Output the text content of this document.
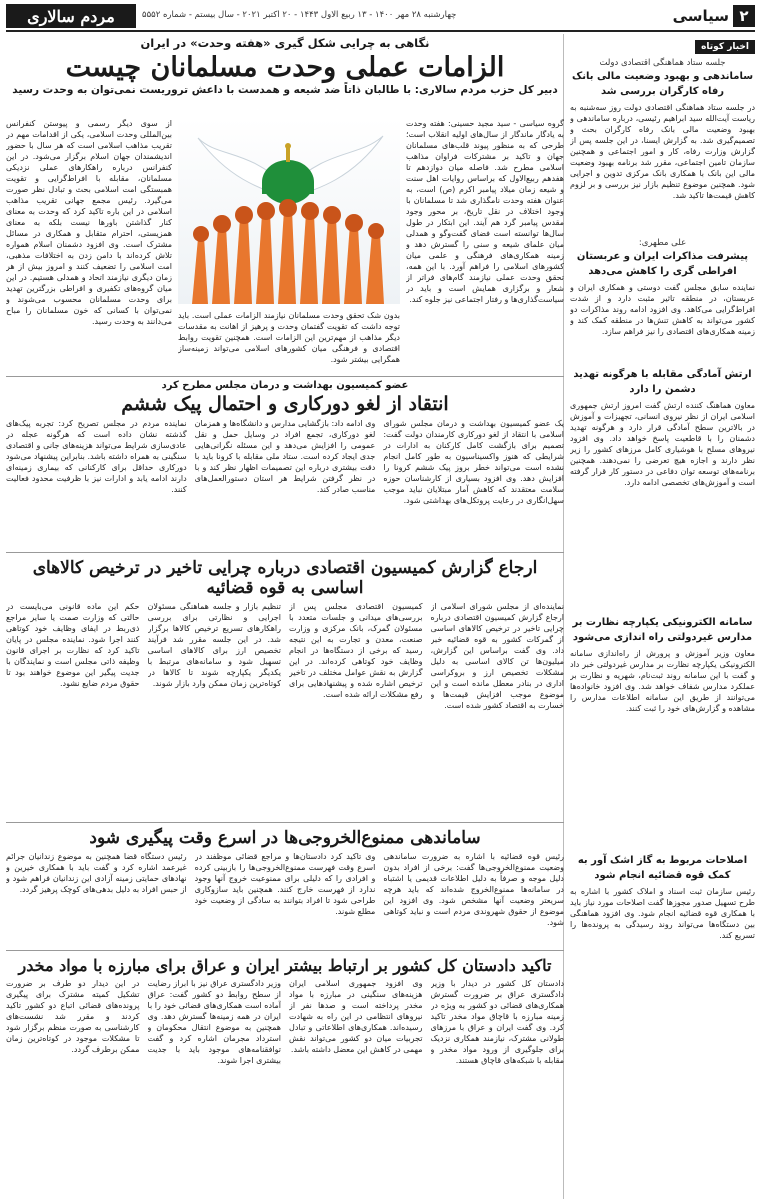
۲
سیاسی
چهارشنبه ۲۸ مهر ۱۴۰۰ - ۱۳ ربیع الاول ۱۴۴۳ - ۲۰ اکتبر ۲۰۲۱ - سال بیستم - شماره ۵۵۵۲
مردم سالاری
اخبار کوتاه
جلسه ستاد هماهنگی اقتصادی دولت
ساماندهی و بهبود وضعیت مالی بانک رفاه کارگران بررسی شد

در جلسه ستاد هماهنگی اقتصادی دولت روز سه‌شنبه به ریاست آیت‌الله سید ابراهیم رئیسی، درباره ساماندهی و بهبود وضعیت مالی بانک رفاه کارگران بحث و تصمیم‌گیری شد. به گزارش ایسنا، در این جلسه پس از گزارش وزارت رفاه، کار و امور اجتماعی و همچنین سازمان تامین اجتماعی، مقرر شد برنامه بهبود وضعیت مالی این بانک با همکاری بانک مرکزی تدوین و اجرایی شود. همچنین موضوع تنظیم بازار نیز بررسی و بر لزوم کاهش قیمت‌ها تاکید شد.

علی مطهری:
پیشرفت مذاکرات ایران و عربستان افراطی گری را کاهش می‌دهد

نماینده سابق مجلس گفت دوستی و همکاری ایران و عربستان، در منطقه تاثیر مثبت دارد و از شدت افراط‌گرایی می‌کاهد. وی افزود ادامه روند مذاکرات دو کشور می‌تواند به کاهش تنش‌ها در منطقه کمک کند و زمینه همکاری‌های اقتصادی را نیز فراهم سازد.

ارتش آمادگی مقابله با هرگونه تهدید دشمن را دارد

معاون هماهنگ کننده ارتش گفت امروز ارتش جمهوری اسلامی ایران از نظر نیروی انسانی، تجهیزات و آموزش در بالاترین سطح آمادگی قرار دارد و هرگونه تهدید دشمنان را با قاطعیت پاسخ خواهد داد. وی افزود نیروهای مسلح با هوشیاری کامل مرزهای کشور را زیر نظر دارند و اجازه هیچ تعرضی را نمی‌دهند. همچنین برنامه‌های توسعه توان دفاعی در دستور کار قرار گرفته است و آموزش‌های تخصصی ادامه دارد.

سامانه الکترونیکی یکپارچه نظارت بر مدارس غیردولتی راه اندازی می‌شود

معاون وزیر آموزش و پرورش از راه‌اندازی سامانه الکترونیکی یکپارچه نظارت بر مدارس غیردولتی خبر داد و گفت با این سامانه روند ثبت‌نام، شهریه و نظارت بر عملکرد مدارس شفاف خواهد شد. وی افزود خانواده‌ها می‌توانند از طریق این سامانه اطلاعات مدارس را مشاهده و گزارش‌های خود را ثبت کنند.

اصلاحات مربوط به گاز اشک آور به کمک قوه قضائیه انجام شود

رئیس سازمان ثبت اسناد و املاک کشور با اشاره به طرح تسهیل صدور مجوزها گفت اصلاحات مورد نیاز باید با همکاری قوه قضائیه انجام شود. وی افزود هماهنگی بین دستگاه‌ها می‌تواند روند رسیدگی به پرونده‌ها را تسریع کند.

نگاهی به چرایی شکل گیری «هفته وحدت» در ایران
الزامات عملی وحدت مسلمانان چیست
دبیر کل حزب مردم سالاری: با طالبان ذاتاً ضد شیعه و همدست با داعش تروریست نمی‌توان به وحدت رسید

گروه سیاسی - سید مجید حسینی: هفته وحدت به یادگار ماندگار از سال‌های اولیه انقلاب است؛ طرحی که به منظور پیوند قلب‌های مسلمانان جهان و تاکید بر مشترکات فراوان مذاهب اسلامی مطرح شد. فاصله میان دوازدهم تا هفدهم ربیع‌الاول که براساس روایات اهل سنت و شیعه زمان میلاد پیامبر اکرم (ص) است، به عنوان هفته وحدت نامگذاری شد تا مسلمانان با وجود اختلاف در نقل تاریخ، بر محور وجود مقدس پیامبر گرد هم آیند. این ابتکار در طول سال‌ها توانسته است فضای گفت‌وگو و همدلی میان علمای شیعه و سنی را گسترش دهد و زمینه همکاری‌های فرهنگی و علمی میان کشورهای اسلامی را فراهم آورد. با این همه، تحقق وحدت عملی نیازمند گام‌های فراتر از شعار و برگزاری همایش است و باید در سیاست‌گذاری‌ها و رفتار اجتماعی نیز جلوه کند.

بدون شک تحقق وحدت مسلمانان نیازمند الزامات عملی است. باید توجه داشت که تقویت گفتمان وحدت و پرهیز از اهانت به مقدسات دیگر مذاهب از مهم‌ترین این الزامات است. همچنین تقویت روابط اقتصادی و فرهنگی میان کشورهای اسلامی می‌تواند زمینه‌ساز همگرایی بیشتر شود.

از سوی دیگر رسمی و پیوستن کنفرانس بین‌المللی وحدت اسلامی، یکی از اقدامات مهم در تقریب مذاهب اسلامی است که هر سال با حضور اندیشمندان جهان اسلام برگزار می‌شود. در این کنفرانس درباره راهکارهای عملی نزدیکی مسلمانان، مقابله با افراط‌گرایی و تقویت همبستگی امت اسلامی بحث و تبادل نظر صورت می‌گیرد. رئیس مجمع جهانی تقریب مذاهب اسلامی در این باره تاکید کرد که وحدت به معنای کنار گذاشتن باورها نیست بلکه به معنای همزیستی، احترام متقابل و همکاری در مسائل مشترک است. وی افزود دشمنان اسلام همواره تلاش کرده‌اند با دامن زدن به اختلافات مذهبی، امت اسلامی را تضعیف کنند و امروز بیش از هر زمان دیگری نیازمند اتحاد و همدلی هستیم. در این میان گروه‌های تکفیری و افراطی بزرگترین تهدید برای وحدت مسلمانان محسوب می‌شوند و نمی‌توان با کسانی که خون مسلمانان را مباح می‌دانند به وحدت رسید.

عضو کمیسیون بهداشت و درمان مجلس مطرح کرد
انتقاد از لغو دورکاری و احتمال پیک ششم

یک عضو کمیسیون بهداشت و درمان مجلس شورای اسلامی با انتقاد از لغو دورکاری کارمندان دولت گفت: تصمیم برای بازگشت کامل کارکنان به ادارات در شرایطی که هنوز واکسیناسیون به طور کامل انجام نشده است می‌تواند خطر بروز پیک ششم کرونا را افزایش دهد. وی افزود بسیاری از کارشناسان حوزه سلامت معتقدند که کاهش آمار مبتلایان نباید موجب سهل‌انگاری در رعایت پروتکل‌های بهداشتی شود.

وی ادامه داد: بازگشایی مدارس و دانشگاه‌ها و همزمان لغو دورکاری، تجمع افراد در وسایل حمل و نقل عمومی را افزایش می‌دهد و این مسئله نگرانی‌هایی جدی ایجاد کرده است. ستاد ملی مقابله با کرونا باید با دقت بیشتری درباره این تصمیمات اظهار نظر کند و با در نظر گرفتن شرایط هر استان دستورالعمل‌های مناسب صادر کند.

نماینده مردم در مجلس تصریح کرد: تجربه پیک‌های گذشته نشان داده است که هرگونه عجله در عادی‌سازی شرایط می‌تواند هزینه‌های جانی و اقتصادی سنگینی به همراه داشته باشد. بنابراین پیشنهاد می‌شود دورکاری حداقل برای کارکنانی که بیماری زمینه‌ای دارند ادامه یابد و ادارات نیز با ظرفیت محدود فعالیت کنند.

ارجاع گزارش کمیسیون اقتصادی درباره چرایی تاخیر در ترخیص کالاهای اساسی به قوه قضائیه

نماینده‌ای از مجلس شورای اسلامی از ارجاع گزارش کمیسیون اقتصادی درباره چرایی تاخیر در ترخیص کالاهای اساسی از گمرکات کشور به قوه قضائیه خبر داد. وی گفت براساس این گزارش، میلیون‌ها تن کالای اساسی به دلیل مشکلات تخصیص ارز و بروکراسی اداری در بنادر معطل مانده است و این موضوع موجب افزایش قیمت‌ها و خسارت به اقتصاد کشور شده است.

کمیسیون اقتصادی مجلس پس از بررسی‌های میدانی و جلسات متعدد با مسئولان گمرک، بانک مرکزی و وزارت صنعت، معدن و تجارت به این نتیجه رسید که برخی از دستگاه‌ها در انجام وظایف خود کوتاهی کرده‌اند. در این گزارش به نقش عوامل مختلف در تاخیر ترخیص اشاره شده و پیشنهادهایی برای رفع مشکلات ارائه شده است.

تنظیم بازار و جلسه هماهنگی مسئولان اجرایی و نظارتی برای بررسی راهکارهای تسریع ترخیص کالاها برگزار شد. در این جلسه مقرر شد فرآیند تخصیص ارز برای کالاهای اساسی تسهیل شود و سامانه‌های مرتبط با یکدیگر یکپارچه شوند تا کالاها در کوتاه‌ترین زمان ممکن وارد بازار شوند.

حکم این ماده قانونی می‌بایست در حالتی که وزارت صمت یا سایر مراجع ذی‌ربط در ایفای وظایف خود کوتاهی کنند اجرا شود. نماینده مجلس در پایان تاکید کرد که نظارت بر اجرای قانون وظیفه ذاتی مجلس است و نمایندگان با جدیت پیگیر این موضوع خواهند بود تا حقوق مردم ضایع نشود.

ساماندهی ممنوع‌الخروجی‌ها در اسرع وقت پیگیری شود

رئیس قوه قضائیه با اشاره به ضرورت ساماندهی وضعیت ممنوع‌الخروجی‌ها گفت: برخی از افراد بدون دلیل موجه و صرفاً به دلیل اطلاعات قدیمی یا اشتباه در سامانه‌ها ممنوع‌الخروج شده‌اند که باید هرچه سریعتر وضعیت آنها مشخص شود. وی افزود این موضوع از حقوق شهروندی مردم است و نباید کوتاهی شود.

وی تاکید کرد دادستان‌ها و مراجع قضائی موظفند در اسرع وقت فهرست ممنوع‌الخروجی‌ها را بازبینی کرده و افرادی را که دلیلی برای ممنوعیت خروج آنها وجود ندارد از فهرست خارج کنند. همچنین باید سازوکاری طراحی شود تا افراد بتوانند به سادگی از وضعیت خود مطلع شوند.

رئیس دستگاه قضا همچنین به موضوع زندانیان جرائم غیرعمد اشاره کرد و گفت باید با همکاری خیرین و نهادهای حمایتی زمینه آزادی این زندانیان فراهم شود و از حبس افراد به دلیل بدهی‌های کوچک پرهیز گردد.

تاکید دادستان کل کشور بر ارتباط بیشتر ایران و عراق برای مبارزه با مواد مخدر

دادستان کل کشور در دیدار با وزیر دادگستری عراق بر ضرورت گسترش همکاری‌های قضائی دو کشور به ویژه در زمینه مبارزه با قاچاق مواد مخدر تاکید کرد. وی گفت ایران و عراق با مرزهای طولانی مشترک، نیازمند همکاری نزدیک برای جلوگیری از ورود مواد مخدر و مقابله با شبکه‌های قاچاق هستند.

وی افزود جمهوری اسلامی ایران هزینه‌های سنگینی در مبارزه با مواد مخدر پرداخته است و صدها نفر از نیروهای انتظامی در این راه به شهادت رسیده‌اند. همکاری‌های اطلاعاتی و تبادل تجربیات میان دو کشور می‌تواند نقش مهمی در کاهش این معضل داشته باشد.

وزیر دادگستری عراق نیز با ابراز رضایت از سطح روابط دو کشور گفت: عراق آماده است همکاری‌های قضائی خود را با ایران در همه زمینه‌ها گسترش دهد. وی همچنین به موضوع انتقال محکومان و استرداد مجرمان اشاره کرد و گفت توافقنامه‌های موجود باید با جدیت بیشتری اجرا شوند.

در این دیدار دو طرف بر ضرورت تشکیل کمیته مشترک برای پیگیری پرونده‌های قضائی اتباع دو کشور تاکید کردند و مقرر شد نشست‌های کارشناسی به صورت منظم برگزار شود تا مشکلات موجود در کوتاه‌ترین زمان ممکن برطرف گردد.
